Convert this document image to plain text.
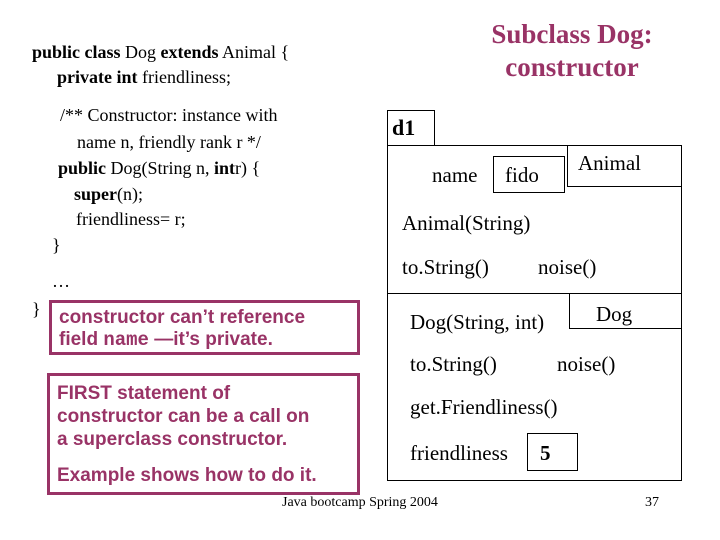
Subclass Dog:
constructor
public class Dog extends Animal {
private int friendliness;
/** Constructor: instance with
name n, friendly rank r */
public Dog(String n, intr) {
super(n);
friendliness= r;
}
…
} constructor can’t reference
field name —it’s private.
FIRST statement of
constructor can be a call on
a superclass constructor.
Example shows how to do it.
d1
name fido Animal
Animal(String)
to.String() noise()
Dog
Dog(String, int)
to.String()	noise()
get.Friendliness()
friendliness 5
Java bootcamp Spring 2004	37
